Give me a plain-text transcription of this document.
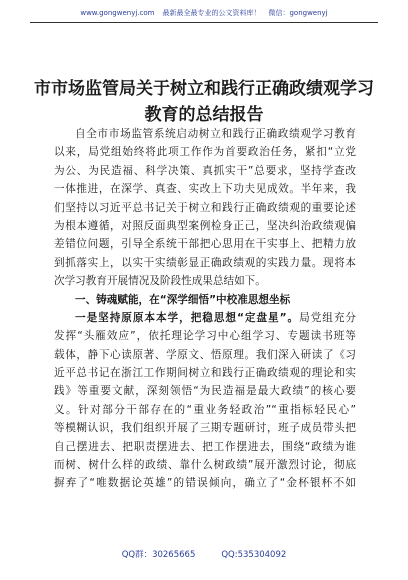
www.gongwenyj.com 最新最全最专业的公文资料库！ 微信：gongwenyj
市市场监管局关于树立和践行正确政绩观学习
教育的总结报告
自全市市场监管系统启动树立和践行正确政绩观学习教育
以来，局党组始终将此项工作作为首要政治任务，紧扣“立党
为公、为民造福、科学决策、真抓实干”总要求，坚持学查改
一体推进，在深学、真查、实改上下功夫见成效。半年来，我
们坚持以习近平总书记关于树立和践行正确政绩观的重要论述
为根本遵循，对照反面典型案例检身正己，坚决纠治政绩观偏
差错位问题，引导全系统干部把心思用在干实事上、把精力放
到抓落实上，以实干实绩彰显正确政绩观的实践力量。现将本
次学习教育开展情况及阶段性成果总结如下。
一、铸魂赋能，在“深学细悟”中校准思想坐标
一是坚持原原本本学，把稳思想“定盘星”。局党组充分
发挥“头雁效应”，依托理论学习中心组学习、专题读书班等
载体，静下心读原著、学原文、悟原理。我们深入研读了《习
近平总书记在浙江工作期间树立和践行正确政绩观的理论和实
践》等重要文献，深刻领悟“为民造福是最大政绩”的核心要
义。针对部分干部存在的“重业务轻政治”“重指标轻民心”
等模糊认识，我们组织开展了三期专题研讨，班子成员带头把
自己摆进去、把职责摆进去、把工作摆进去，围绕“政绩为谁
而树、树什么样的政绩、靠什么树政绩”展开激烈讨论，彻底
摒弃了“唯数据论英雄”的错误倾向，确立了“金杯银杯不如
QQ群：30265665	QQ:535304092
